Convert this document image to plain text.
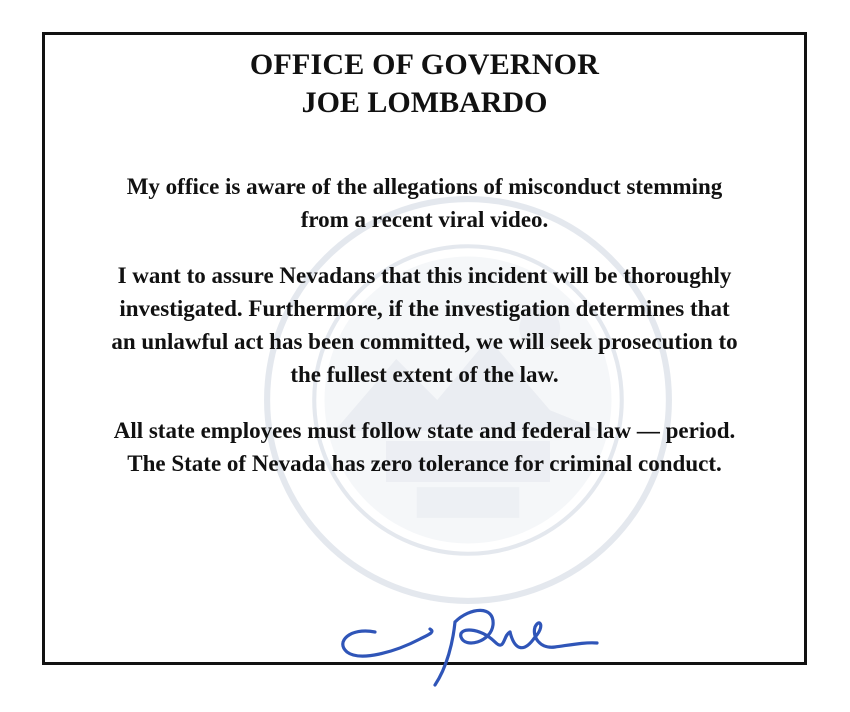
OFFICE OF GOVERNOR
JOE LOMBARDO

My office is aware of the allegations of misconduct stemming from a recent viral video.

I want to assure Nevadans that this incident will be thoroughly investigated. Furthermore, if the investigation determines that an unlawful act has been committed, we will seek prosecution to the fullest extent of the law.

All state employees must follow state and federal law — period. The State of Nevada has zero tolerance for criminal conduct.
